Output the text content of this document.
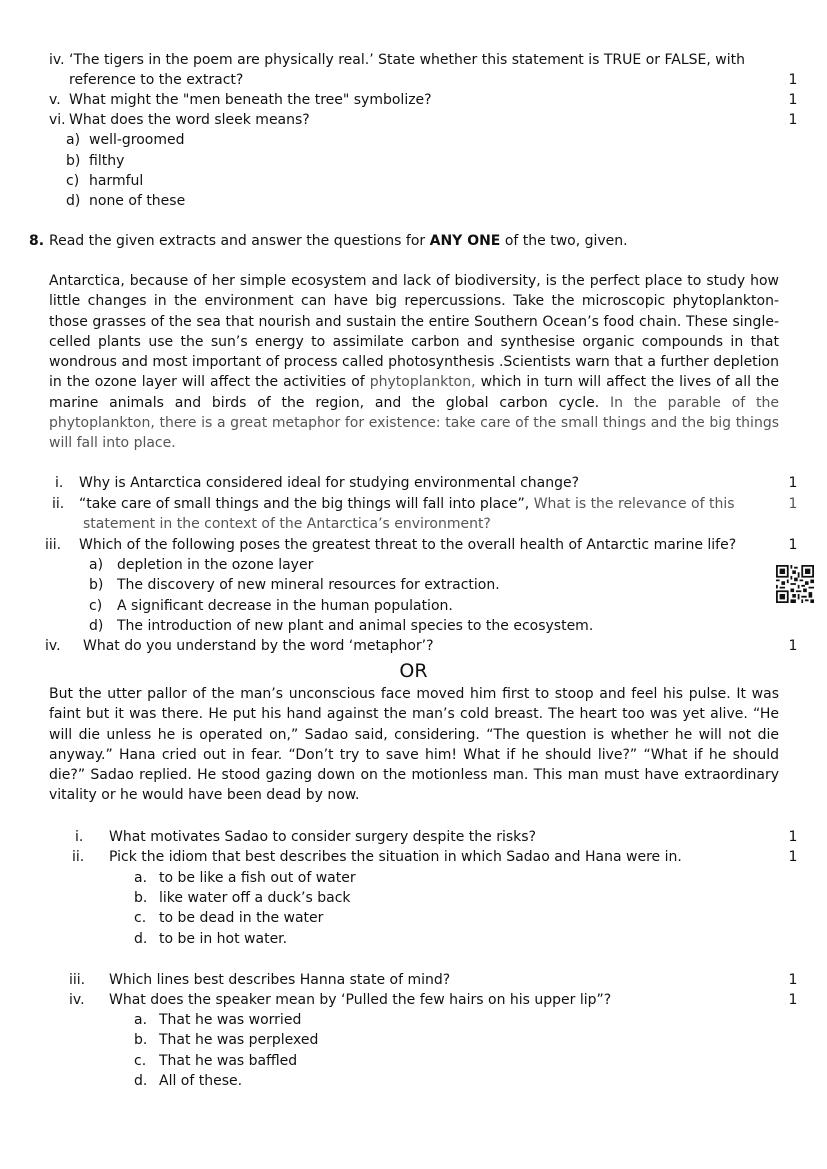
iv. ‘The tigers in the poem are physically real.’ State whether this statement is TRUE or FALSE, with
reference to the extract?	1
v. What might the "men beneath the tree" symbolize?	1
vi. What does the word sleek means?	1
a) well-groomed
b) filthy
c) harmful
d) none of these
8. Read the given extracts and answer the questions for ANY ONE of the two, given.
Antarctica, because of her simple ecosystem and lack of biodiversity, is the perfect place to study how little changes in the environment can have big repercussions. Take the microscopic phytoplankton- those grasses of the sea that nourish and sustain the entire Southern Ocean’s food chain. These single-celled plants use the sun’s energy to assimilate carbon and synthesise organic compounds in that wondrous and most important of process called photosynthesis .Scientists warn that a further depletion in the ozone layer will affect the activities of phytoplankton, which in turn will affect the lives of all the marine animals and birds of the region, and the global carbon cycle. In the parable of the phytoplankton, there is a great metaphor for existence: take care of the small things and the big things will fall into place.
i. Why is Antarctica considered ideal for studying environmental change?	1
ii. “take care of small things and the big things will fall into place”, What is the relevance of this
statement in the context of the Antarctica’s environment?
1
iii. Which of the following poses the greatest threat to the overall health of Antarctic marine life?	1
a) depletion in the ozone layer
b) The discovery of new mineral resources for extraction.
c) A significant decrease in the human population.
d) The introduction of new plant and animal species to the ecosystem.
iv. What do you understand by the word ‘metaphor’?	1
OR
But the utter pallor of the man’s unconscious face moved him first to stoop and feel his pulse. It was faint but it was there. He put his hand against the man’s cold breast. The heart too was yet alive. “He will die unless he is operated on,” Sadao said, considering. “The question is whether he will not die anyway.” Hana cried out in fear. “Don’t try to save him! What if he should live?” “What if he should die?” Sadao replied. He stood gazing down on the motionless man. This man must have extraordinary vitality or he would have been dead by now.
i. What motivates Sadao to consider surgery despite the risks?	1
ii. Pick the idiom that best describes the situation in which Sadao and Hana were in.	1
a. to be like a fish out of water
b. like water off a duck’s back
c. to be dead in the water
d. to be in hot water.
iii. Which lines best describes Hanna state of mind?	1
iv. What does the speaker mean by ‘Pulled the few hairs on his upper lip”?	1
a. That he was worried
b. That he was perplexed
c. That he was baffled
d. All of these.
